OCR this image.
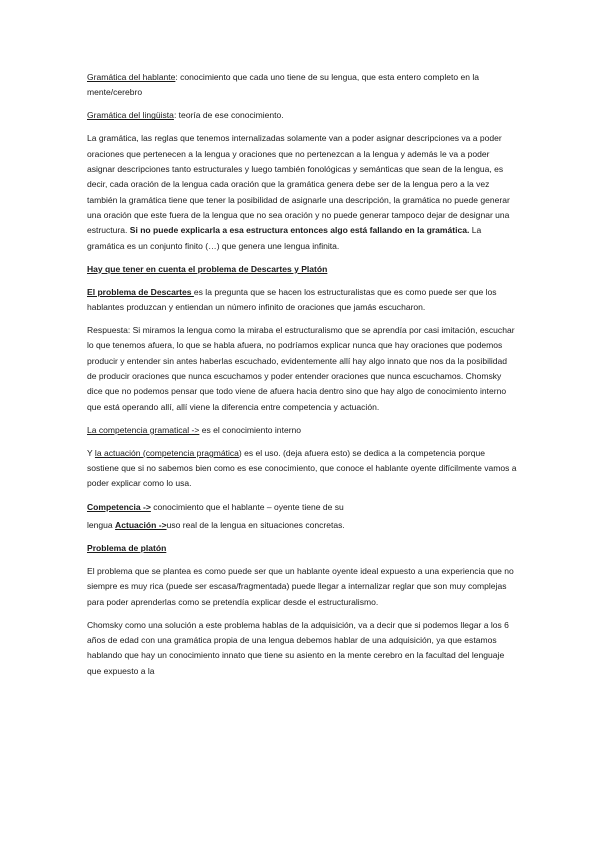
Gramática del hablante: conocimiento que cada uno tiene de su lengua, que esta entero completo en la mente/cerebro

Gramática del lingüista: teoría de ese conocimiento.

La gramática, las reglas que tenemos internalizadas solamente van a poder asignar descripciones va a poder oraciones que pertenecen a la lengua y oraciones que no pertenezcan a la lengua y además le va a poder asignar descripciones tanto estructurales y luego también fonológicas y semánticas que sean de la lengua, es decir, cada oración de la lengua cada oración que la gramática genera debe ser de la lengua pero a la vez también la gramática tiene que tener la posibilidad de asignarle una descripción, la gramática no puede generar una oración que este fuera de la lengua que no sea oración y no puede generar tampoco dejar de designar una estructura. Si no puede explicarla a esa estructura entonces algo está fallando en la gramática. La gramática es un conjunto finito (…) que genera une lengua infinita.

Hay que tener en cuenta el problema de Descartes y Platón

El problema de Descartes es la pregunta que se hacen los estructuralistas que es como puede ser que los hablantes produzcan y entiendan un número infinito de oraciones que jamás escucharon.

Respuesta: Si miramos la lengua como la miraba el estructuralismo que se aprendía por casi imitación, escuchar lo que tenemos afuera, lo que se habla afuera, no podríamos explicar nunca que hay oraciones que podemos producir y entender sin antes haberlas escuchado, evidentemente allí hay algo innato que nos da la posibilidad de producir oraciones que nunca escuchamos y poder entender oraciones que nunca escuchamos. Chomsky dice que no podemos pensar que todo viene de afuera hacia dentro sino que hay algo de conocimiento interno que está operando allí, allí viene la diferencia entre competencia y actuación.

La competencia gramatical -> es el conocimiento interno

Y la actuación (competencia pragmática) es el uso. (deja afuera esto) se dedica a la competencia porque sostiene que si no sabemos bien como es ese conocimiento, que conoce el hablante oyente difícilmente vamos a poder explicar como lo usa.

Competencia -> conocimiento que el hablante – oyente tiene de su

lengua Actuación ->uso real de la lengua en situaciones concretas.

Problema de platón

El problema que se plantea es como puede ser que un hablante oyente ideal expuesto a una experiencia que no siempre es muy rica (puede ser escasa/fragmentada) puede llegar a internalizar reglar que son muy complejas para poder aprenderlas como se pretendía explicar desde el estructuralismo.

Chomsky como una solución a este problema hablas de la adquisición, va a decir que si podemos llegar a los 6 años de edad con una gramática propia de una lengua debemos hablar de una adquisición, ya que estamos hablando que hay un conocimiento innato que tiene su asiento en la mente cerebro en la facultad del lenguaje que expuesto a la
